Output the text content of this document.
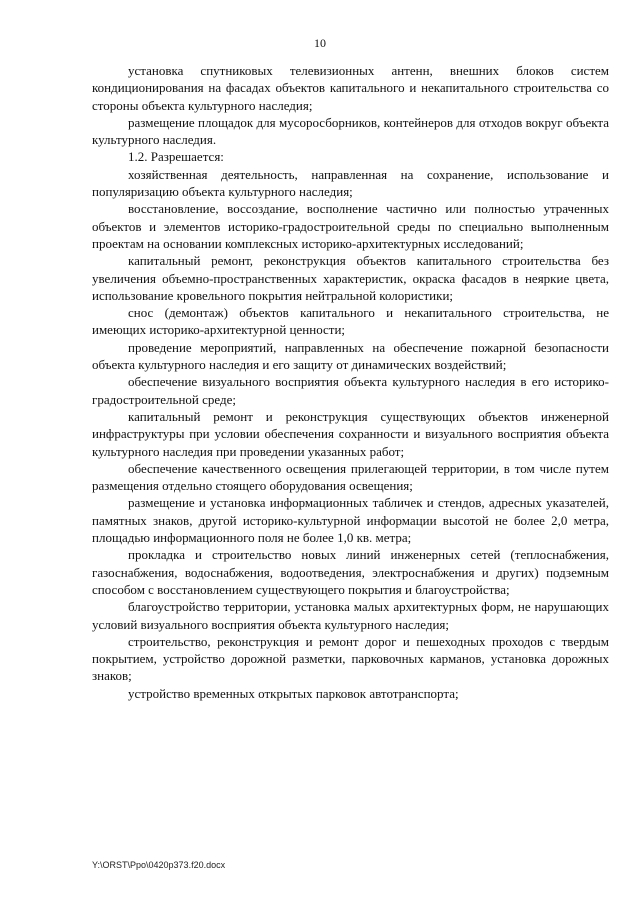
10

установка спутниковых телевизионных антенн, внешних блоков систем кондиционирования на фасадах объектов капитального и некапитального строительства со стороны объекта культурного наследия;

размещение площадок для мусоросборников, контейнеров для отходов вокруг объекта культурного наследия.

1.2. Разрешается:

хозяйственная деятельность, направленная на сохранение, использование и популяризацию объекта культурного наследия;

восстановление, воссоздание, восполнение частично или полностью утраченных объектов и элементов историко-градостроительной среды по специально выполненным проектам на основании комплексных историко-архитектурных исследований;

капитальный ремонт, реконструкция объектов капитального строительства без увеличения объемно-пространственных характеристик, окраска фасадов в неяркие цвета, использование кровельного покрытия нейтральной колористики;

снос (демонтаж) объектов капитального и некапитального строительства, не имеющих историко-архитектурной ценности;

проведение мероприятий, направленных на обеспечение пожарной безопасности объекта культурного наследия и его защиту от динамических воздействий;

обеспечение визуального восприятия объекта культурного наследия в его историко-градостроительной среде;

капитальный ремонт и реконструкция существующих объектов инженерной инфраструктуры при условии обеспечения сохранности и визуального восприятия объекта культурного наследия при проведении указанных работ;

обеспечение качественного освещения прилегающей территории, в том числе путем размещения отдельно стоящего оборудования освещения;

размещение и установка информационных табличек и стендов, адресных указателей, памятных знаков, другой историко-культурной информации высотой не более 2,0 метра, площадью информационного поля не более 1,0 кв. метра;

прокладка и строительство новых линий инженерных сетей (теплоснабжения, газоснабжения, водоснабжения, водоотведения, электроснабжения и других) подземным способом с восстановлением существующего покрытия и благоустройства;

благоустройство территории, установка малых архитектурных форм, не нарушающих условий визуального восприятия объекта культурного наследия;

строительство, реконструкция и ремонт дорог и пешеходных проходов с твердым покрытием, устройство дорожной разметки, парковочных карманов, установка дорожных знаков;

устройство временных открытых парковок автотранспорта;

Y:\ORST\Ppo\0420p373.f20.docx
